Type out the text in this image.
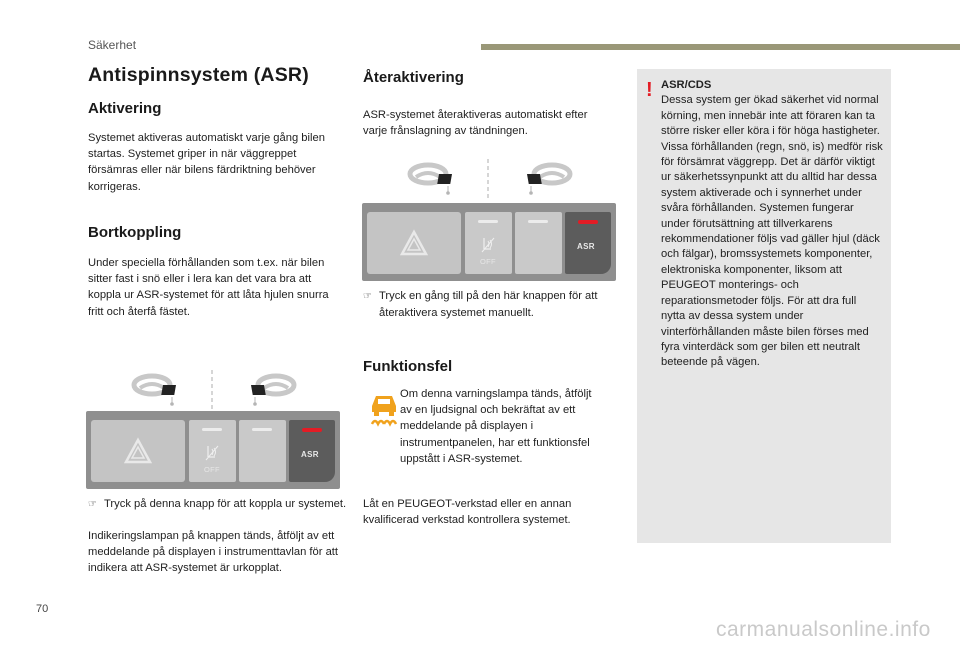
Säkerhet
Antispinnsystem (ASR)
Aktivering

Systemet aktiveras automatiskt varje gång bilen startas. Systemet griper in när väggreppet försämras eller när bilens färdriktning behöver korrigeras.

Bortkoppling

Under speciella förhållanden som t.ex. när bilen sitter fast i snö eller i lera kan det vara bra att koppla ur ASR-systemet för att låta hjulen snurra fritt och återfå fästet.

OFF
ASR

☞ Tryck på denna knapp för att koppla ur systemet.

Indikeringslampan på knappen tänds, åtföljt av ett meddelande på displayen i instrumenttavlan för att indikera att ASR-systemet är urkopplat.

Återaktivering

ASR-systemet återaktiveras automatiskt efter varje frånslagning av tändningen.

OFF
ASR

☞ Tryck en gång till på den här knappen för att återaktivera systemet manuellt.

Funktionsfel

Om denna varningslampa tänds, åtföljt av en ljudsignal och bekräftat av ett meddelande på displayen i instrumentpanelen, har ett funktionsfel uppstått i ASR-systemet.

Låt en PEUGEOT-verkstad eller en annan kvalificerad verkstad kontrollera systemet.

! ASR/CDS
Dessa system ger ökad säkerhet vid normal körning, men innebär inte att föraren kan ta större risker eller köra i för höga hastigheter. Vissa förhållanden (regn, snö, is) medför risk för försämrat väggrepp. Det är därför viktigt ur säkerhetssynpunkt att du alltid har dessa system aktiverade och i synnerhet under svåra förhållanden. Systemen fungerar under förutsättning att tillverkarens rekommendationer följs vad gäller hjul (däck och fälgar), bromssystemets komponenter, elektroniska komponenter, liksom att PEUGEOT monterings- och reparationsmetoder följs. För att dra full nytta av dessa system under vinterförhållanden måste bilen förses med fyra vinterdäck som ger bilen ett neutralt beteende på vägen.
70
carmanualsonline.info
